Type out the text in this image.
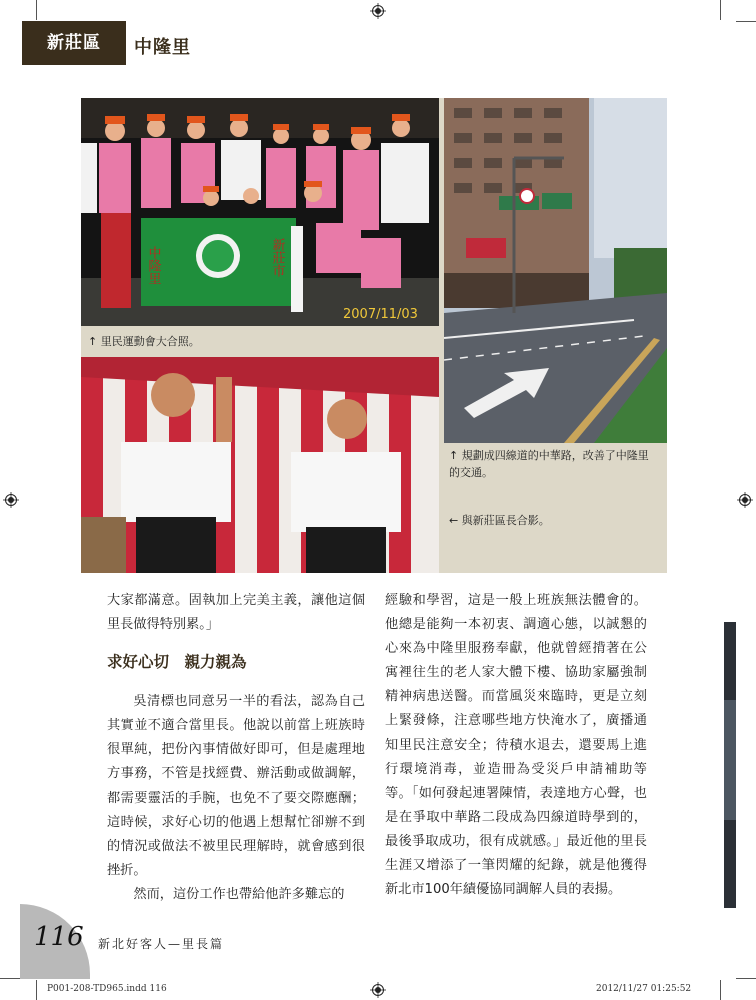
新莊區	中隆里
中隆里	新莊市
2007/11/03
↑ 里民運動會大合照。
↑ 規劃成四線道的中華路，改善了中隆里的交通。
← 與新莊區長合影。

大家都滿意。固執加上完美主義，讓他這個里長做得特別累。」

求好心切　親力親為

吳清標也同意另一半的看法，認為自己其實並不適合當里長。他說以前當上班族時很單純，把份內事情做好即可，但是處理地方事務，不管是找經費、辦活動或做調解，都需要靈活的手腕，也免不了要交際應酬；這時候，求好心切的他遇上想幫忙卻辦不到的情況或做法不被里民理解時，就會感到很挫折。

然而，這份工作也帶給他許多難忘的

經驗和學習，這是一般上班族無法體會的。他總是能夠一本初衷、調適心態，以誠懇的心來為中隆里服務奉獻，他就曾經揹著在公寓裡往生的老人家大體下樓、協助家屬強制精神病患送醫。而當風災來臨時，更是立刻上緊發條，注意哪些地方快淹水了，廣播通知里民注意安全；待積水退去，還要馬上進行環境消毒，並造冊為受災戶申請補助等等。「如何發起連署陳情，表達地方心聲，也是在爭取中華路二段成為四線道時學到的，最後爭取成功，很有成就感。」最近他的里長生涯又增添了一筆閃耀的紀錄，就是他獲得新北市100年績優協同調解人員的表揚。

116 新北好客人—里長篇
P001-208-TD965.indd 116	2012/11/27 01:25:52
